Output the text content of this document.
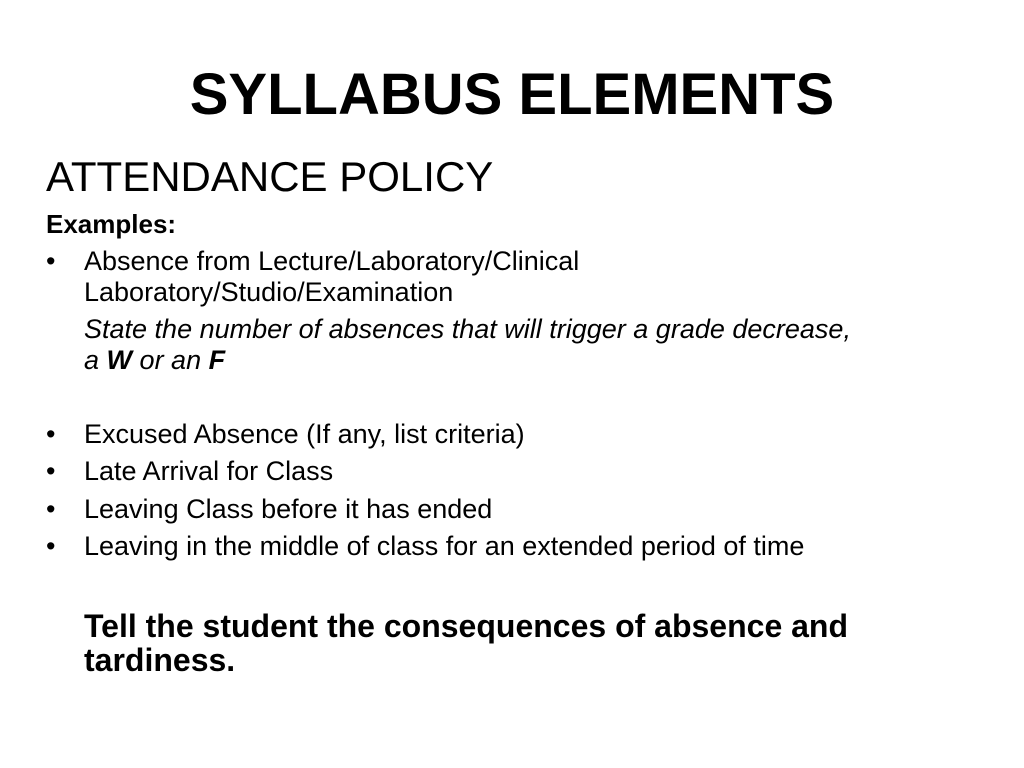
SYLLABUS ELEMENTS
ATTENDANCE POLICY
Examples:
•	Absence from Lecture/Laboratory/Clinical
Laboratory/Studio/Examination
State the number of absences that will trigger a grade decrease,
a W or an F
•	Excused Absence (If any, list criteria)
•	Late Arrival for Class
•	Leaving Class before it has ended
•	Leaving in the middle of class for an extended period of time
Tell the student the consequences of absence and
tardiness.
